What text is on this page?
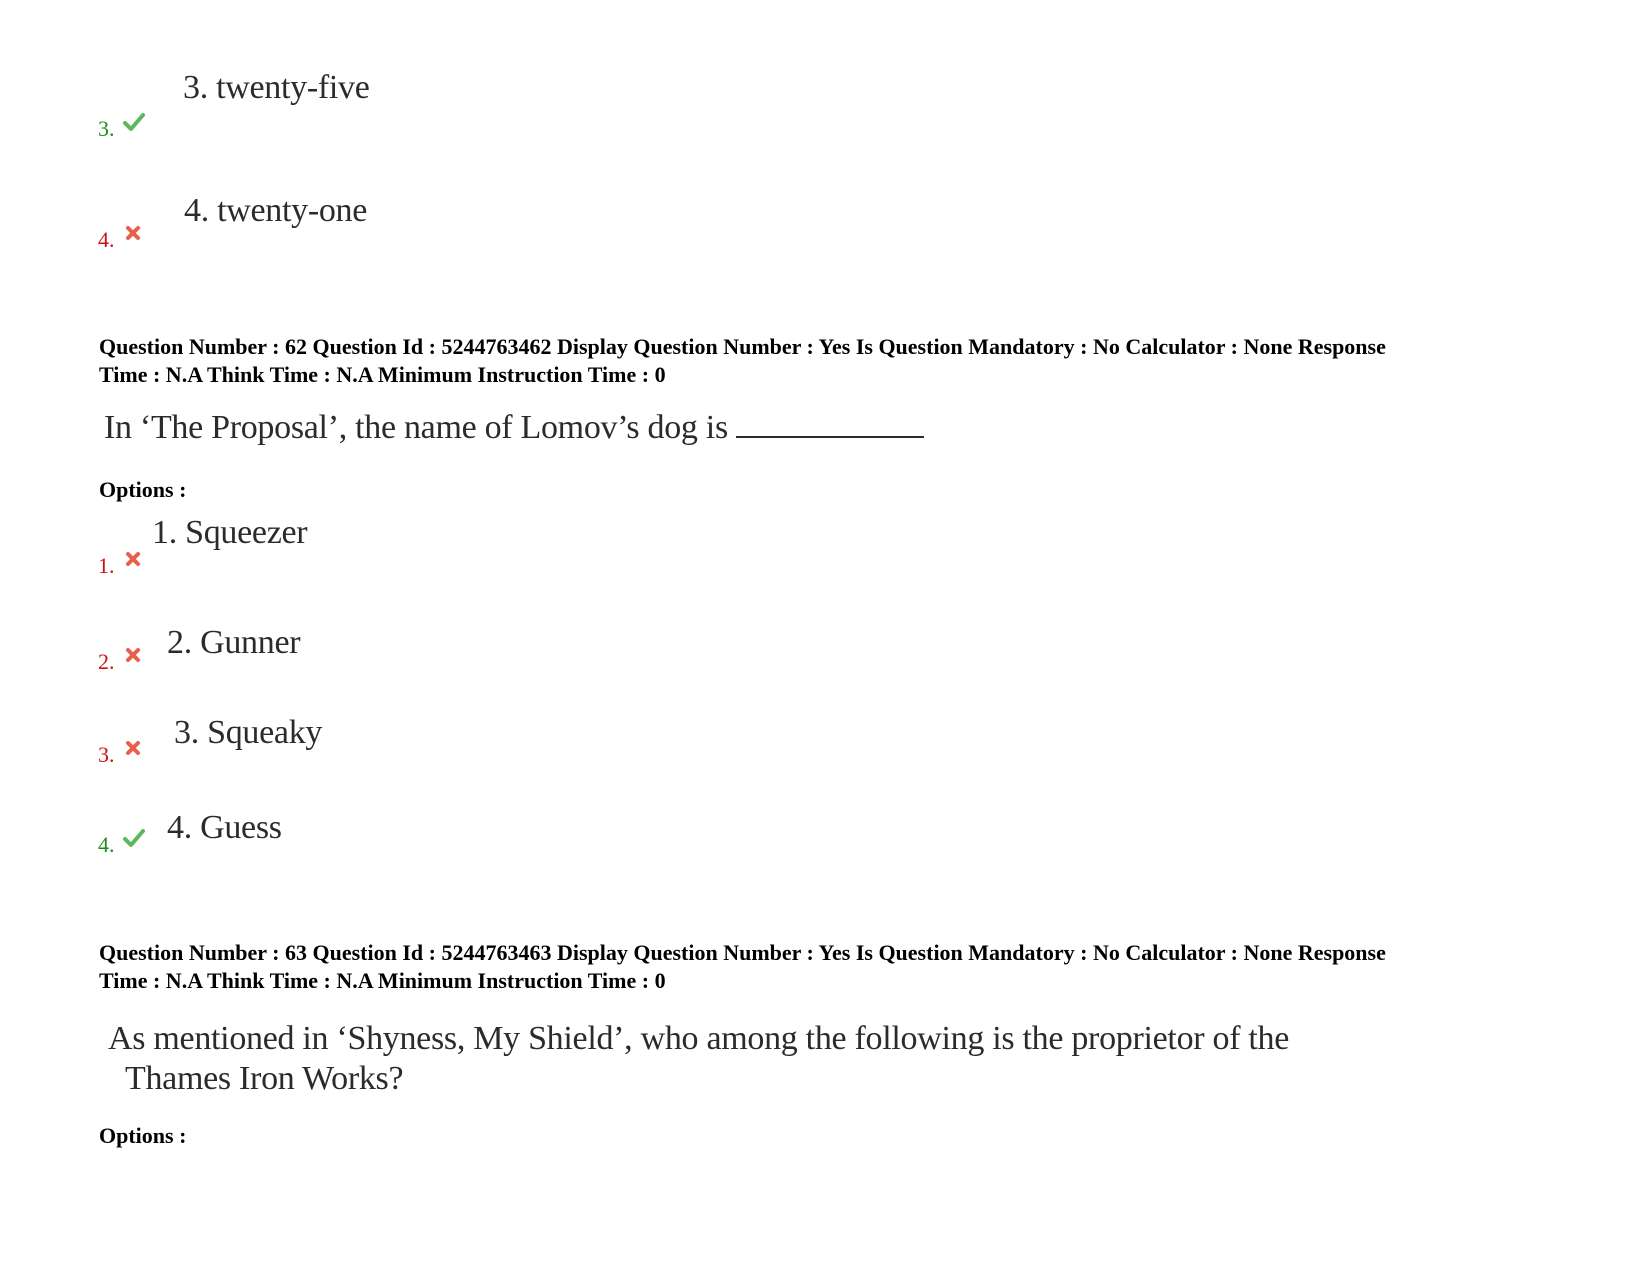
3.
3. twenty-five
4.
4. twenty-one
Question Number : 62 Question Id : 5244763462 Display Question Number : Yes Is Question Mandatory : No Calculator : None Response
Time : N.A Think Time : N.A Minimum Instruction Time : 0
In ‘The Proposal’, the name of Lomov’s dog is
Options :
1.
1. Squeezer
2.
2. Gunner
3.
3. Squeaky
4. 4. Guess
Question Number : 63 Question Id : 5244763463 Display Question Number : Yes Is Question Mandatory : No Calculator : None Response
Time : N.A Think Time : N.A Minimum Instruction Time : 0
As mentioned in ‘Shyness, My Shield’, who among the following is the proprietor of the
Thames Iron Works?
Options :
